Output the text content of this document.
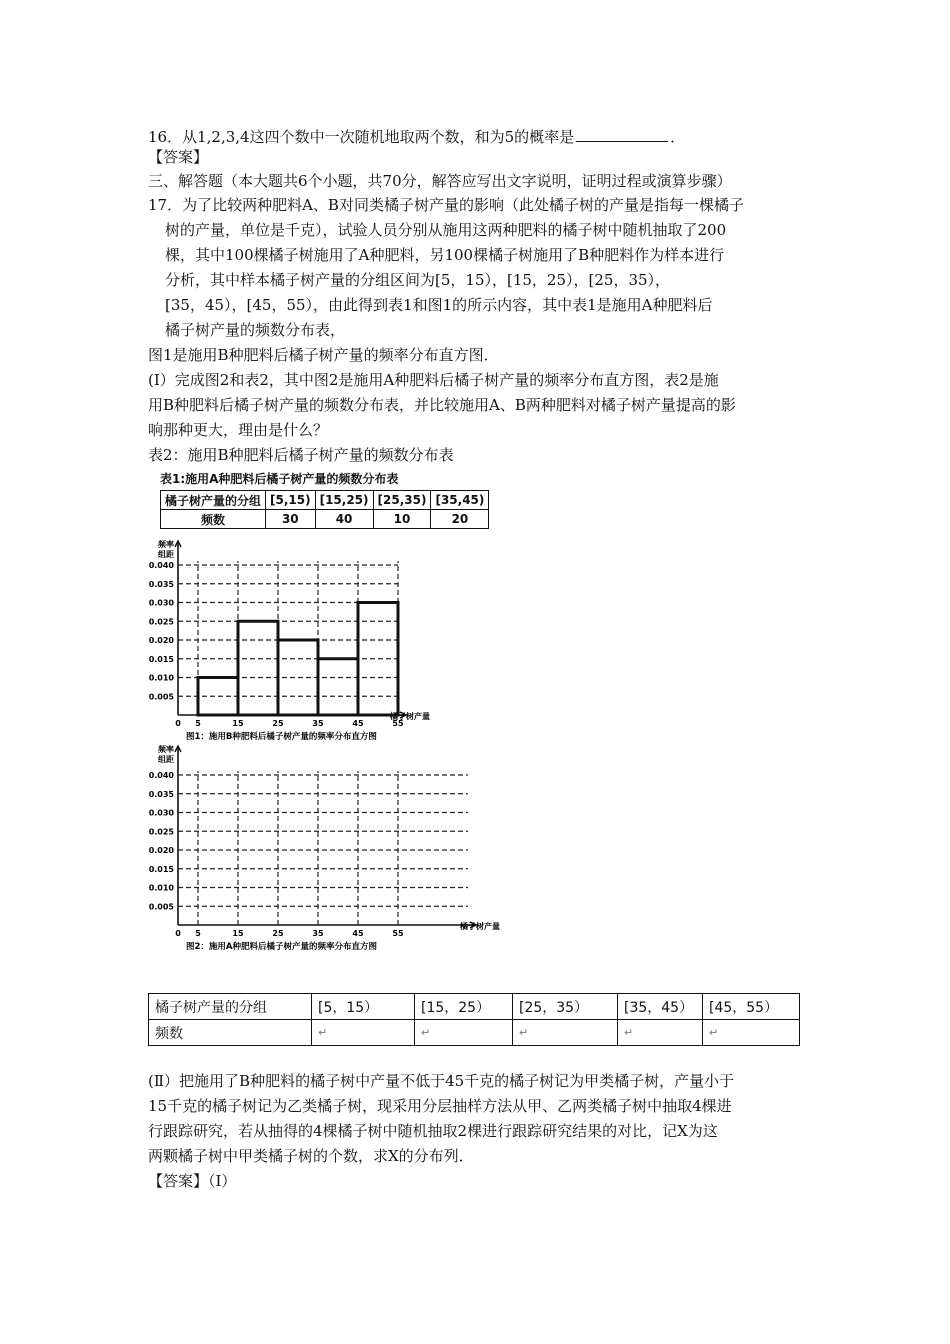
16．从1,2,3,4这四个数中一次随机地取两个数，和为5的概率是	．
【答案】
三、解答题（本大题共6个小题，共70分，解答应写出文字说明，证明过程或演算步骤）
17．为了比较两种肥料A、B对同类橘子树产量的影响（此处橘子树的产量是指每一棵橘子
树的产量，单位是千克），试验人员分别从施用这两种肥料的橘子树中随机抽取了200
棵，其中100棵橘子树施用了A种肥料，另100棵橘子树施用了B种肥料作为样本进行
分析，其中样本橘子树产量的分组区间为[5，15），[15，25），[25，35），
[35，45），[45，55），由此得到表1和图1的所示内容，其中表1是施用A种肥料后
橘子树产量的频数分布表，
图1是施用B种肥料后橘子树产量的频率分布直方图．
(Ⅰ）完成图2和表2，其中图2是施用A种肥料后橘子树产量的频率分布直方图，表2是施
用B种肥料后橘子树产量的频数分布表，并比较施用A、B两种肥料对橘子树产量提高的影
响那种更大，理由是什么？
表2：施用B种肥料后橘子树产量的频数分布表
表1:施用A种肥料后橘子树产量的频数分布表
橘子树产量的分组	[5,15)	[15,25)	[25,35)	[35,45)
频数	30	40	10	20
0.005
0.010
0.015
0.020
0.025
0.030
0.035
0.040
0 5	15	25	35	45	55
频率
组距
橘子树产量
图1：施用B种肥料后橘子树产量的频率分布直方图
0.005
0.010
0.015
0.020
0.025
0.030
0.035
0.040
0 5	15	25	35	45	55
频率
组距
橘子树产量
图2：施用A种肥料后橘子树产量的频率分布直方图
橘子树产量的分组	[5，15）	[15，25）	[25，35）	[35，45）	[45，55）
频数	↵	↵	↵	↵	↵
(Ⅱ）把施用了B种肥料的橘子树中产量不低于45千克的橘子树记为甲类橘子树，产量小于
15千克的橘子树记为乙类橘子树，现采用分层抽样方法从甲、乙两类橘子树中抽取4棵进
行跟踪研究，若从抽得的4棵橘子树中随机抽取2棵进行跟踪研究结果的对比，记X为这
两颗橘子树中甲类橘子树的个数，求X的分布列．
【答案】（Ⅰ）
